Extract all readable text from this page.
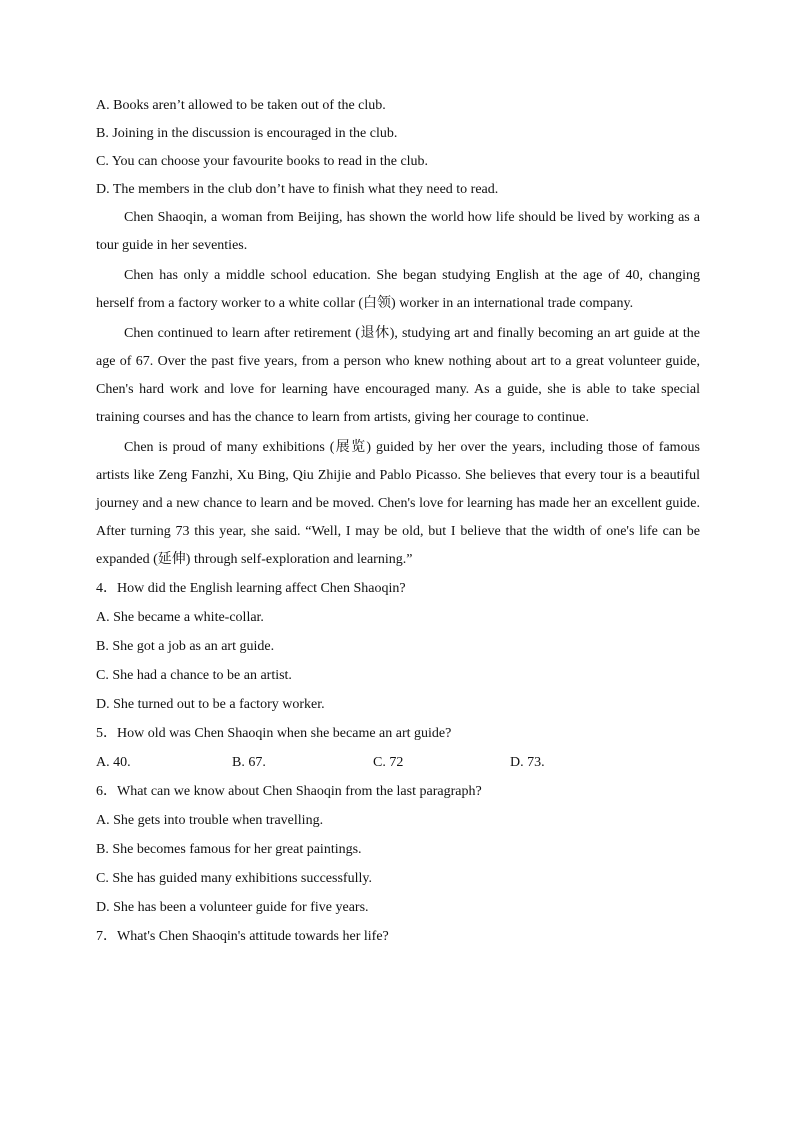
A. Books aren’t allowed to be taken out of the club.
B. Joining in the discussion is encouraged in the club.
C. You can choose your favourite books to read in the club.
D. The members in the club don’t have to finish what they need to read.

Chen Shaoqin, a woman from Beijing, has shown the world how life should be lived by working as a tour guide in her seventies.

Chen has only a middle school education. She began studying English at the age of 40, changing herself from a factory worker to a white collar (白领) worker in an international trade company.

Chen continued to learn after retirement (退休), studying art and finally becoming an art guide at the age of 67. Over the past five years, from a person who knew nothing about art to a great volunteer guide, Chen's hard work and love for learning have encouraged many. As a guide, she is able to take special training courses and has the chance to learn from artists, giving her courage to continue.

Chen is proud of many exhibitions (展览) guided by her over the years, including those of famous artists like Zeng Fanzhi, Xu Bing, Qiu Zhijie and Pablo Picasso. She believes that every tour is a beautiful journey and a new chance to learn and be moved. Chen's love for learning has made her an excellent guide. After turning 73 this year, she said. “Well, I may be old, but I believe that the width of one's life can be expanded (延伸) through self-exploration and learning.”

4．How did the English learning affect Chen Shaoqin?
A. She became a white-collar.
B. She got a job as an art guide.
C. She had a chance to be an artist.
D. She turned out to be a factory worker.
5．How old was Chen Shaoqin when she became an art guide?
A. 40.	B. 67.	C. 72	D. 73.
6．What can we know about Chen Shaoqin from the last paragraph?
A. She gets into trouble when travelling.
B. She becomes famous for her great paintings.
C. She has guided many exhibitions successfully.
D. She has been a volunteer guide for five years.
7．What's Chen Shaoqin's attitude towards her life?
